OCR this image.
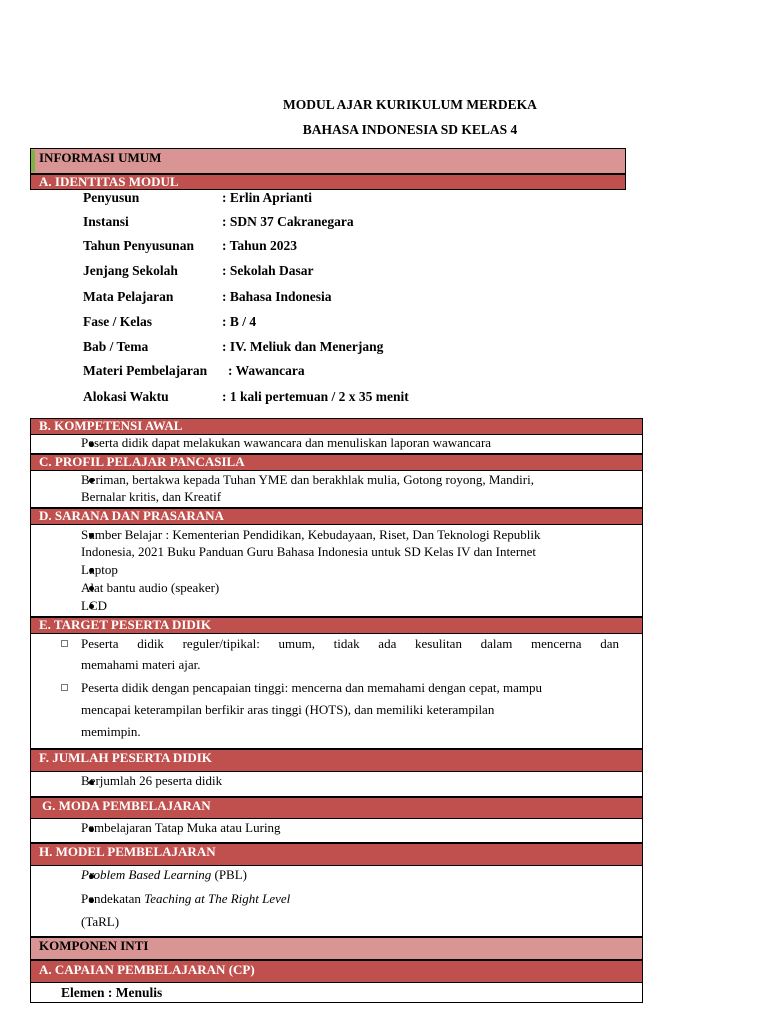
MODUL AJAR KURIKULUM MERDEKA
BAHASA INDONESIA SD KELAS 4
INFORMASI UMUM
A. IDENTITAS MODUL
Penyusun	: Erlin Aprianti
Instansi	: SDN 37 Cakranegara
Tahun Penyusunan : Tahun 2023
Jenjang Sekolah	: Sekolah Dasar
Mata Pelajaran	: Bahasa Indonesia
Fase / Kelas	: B / 4
Bab / Tema	: IV. Meliuk dan Menerjang
Materi Pembelajaran : Wawancara
Alokasi Waktu	: 1 kali pertemuan / 2 x 35 menit
B. KOMPETENSI AWAL
Peserta didik dapat melakukan wawancara dan menuliskan laporan wawancara
C. PROFIL PELAJAR PANCASILA
Beriman, bertakwa kepada Tuhan YME dan berakhlak mulia, Gotong royong, Mandiri,
Bernalar kritis, dan Kreatif
D. SARANA DAN PRASARANA
Sumber Belajar : Kementerian Pendidikan, Kebudayaan, Riset, Dan Teknologi Republik
Indonesia, 2021 Buku Panduan Guru Bahasa Indonesia untuk SD Kelas IV dan Internet
Laptop
Alat bantu audio (speaker)
LCD
E. TARGET PESERTA DIDIK
Peserta didik reguler/tipikal: umum, tidak ada kesulitan dalam mencerna dan
memahami materi ajar.
Peserta didik dengan pencapaian tinggi: mencerna dan memahami dengan cepat, mampu
mencapai keterampilan berfikir aras tinggi (HOTS), dan memiliki keterampilan
memimpin.
F. JUMLAH PESERTA DIDIK
Berjumlah 26 peserta didik
G. MODA PEMBELAJARAN
Pembelajaran Tatap Muka atau Luring
H. MODEL PEMBELAJARAN
Problem Based Learning (PBL)
Pendekatan Teaching at The Right Level
(TaRL)
KOMPONEN INTI
A. CAPAIAN PEMBELAJARAN (CP)
Elemen : Menulis
